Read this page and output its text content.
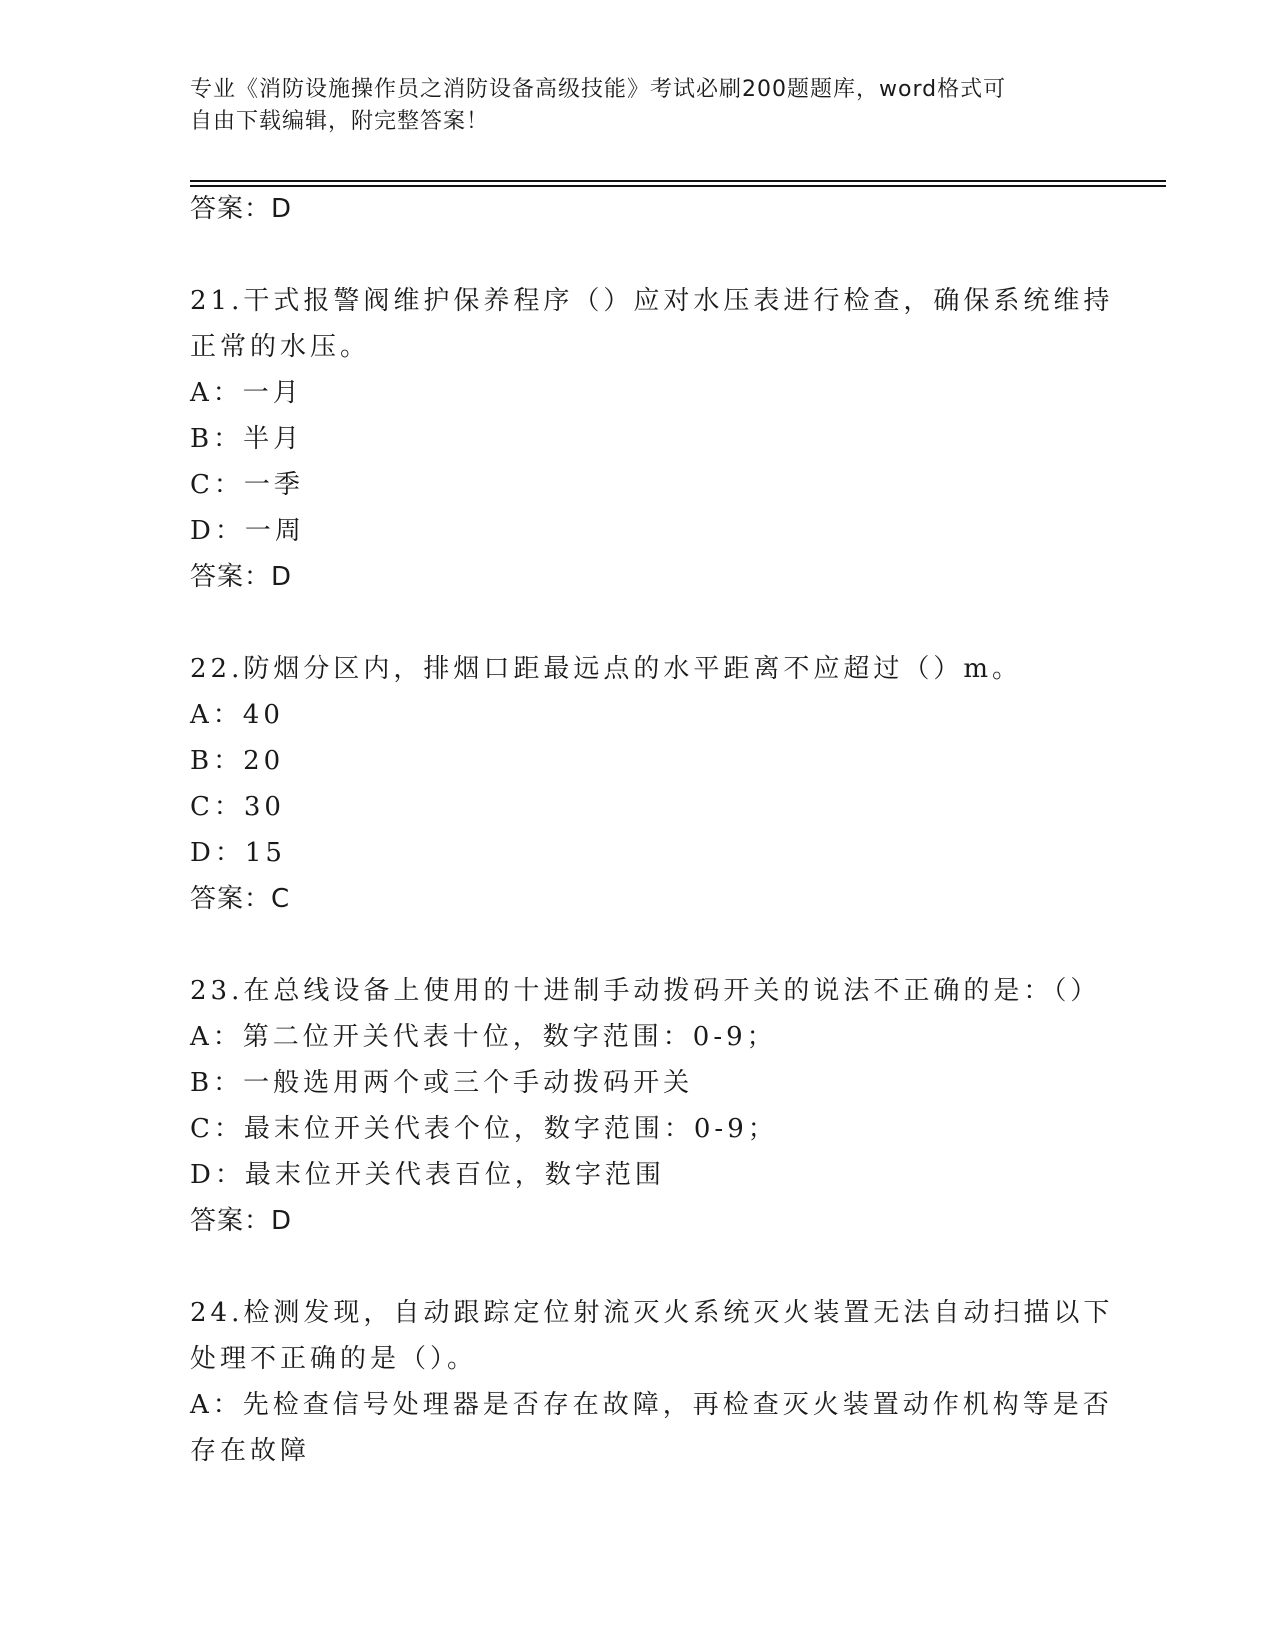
专业《消防设施操作员之消防设备高级技能》考试必刷200题题库，word格式可
自由下载编辑，附完整答案！
答案：D
21.干式报警阀维护保养程序（）应对水压表进行检查，确保系统维持
正常的水压。
A：一月
B：半月
C：一季
D：一周
答案：D
22.防烟分区内，排烟口距最远点的水平距离不应超过（）m。
A：40
B：20
C：30
D：15
答案：C
23.在总线设备上使用的十进制手动拨码开关的说法不正确的是：（）
A：第二位开关代表十位，数字范围：0-9；
B：一般选用两个或三个手动拨码开关
C：最末位开关代表个位，数字范围：0-9；
D：最末位开关代表百位，数字范围
答案：D
24.检测发现，自动跟踪定位射流灭火系统灭火装置无法自动扫描以下
处理不正确的是（）。
A：先检查信号处理器是否存在故障，再检查灭火装置动作机构等是否
存在故障
